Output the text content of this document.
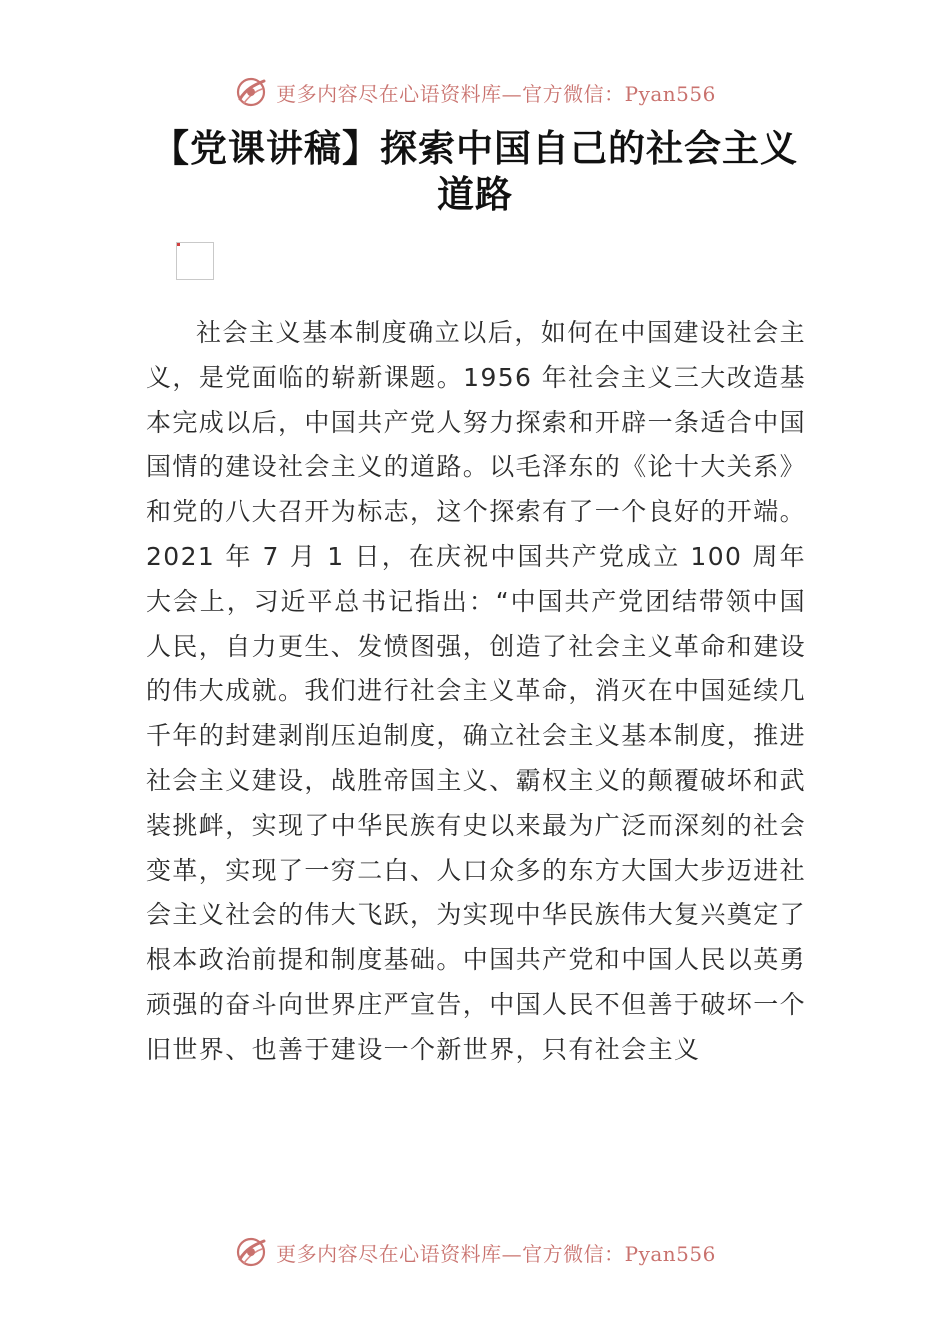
更多内容尽在心语资料库—官方微信：Pyan556
【党课讲稿】探索中国自己的社会主义道路

社会主义基本制度确立以后，如何在中国建设社会主义，是党面临的崭新课题。1956 年社会主义三大改造基本完成以后，中国共产党人努力探索和开辟一条适合中国国情的建设社会主义的道路。以毛泽东的《论十大关系》和党的八大召开为标志，这个探索有了一个良好的开端。2021 年 7 月 1 日，在庆祝中国共产党成立 100 周年大会上，习近平总书记指出：“中国共产党团结带领中国人民，自力更生、发愤图强，创造了社会主义革命和建设的伟大成就。我们进行社会主义革命，消灭在中国延续几千年的封建剥削压迫制度，确立社会主义基本制度，推进社会主义建设，战胜帝国主义、霸权主义的颠覆破坏和武装挑衅，实现了中华民族有史以来最为广泛而深刻的社会变革，实现了一穷二白、人口众多的东方大国大步迈进社会主义社会的伟大飞跃，为实现中华民族伟大复兴奠定了根本政治前提和制度基础。中国共产党和中国人民以英勇顽强的奋斗向世界庄严宣告，中国人民不但善于破坏一个旧世界、也善于建设一个新世界，只有社会主义

更多内容尽在心语资料库—官方微信：Pyan556
